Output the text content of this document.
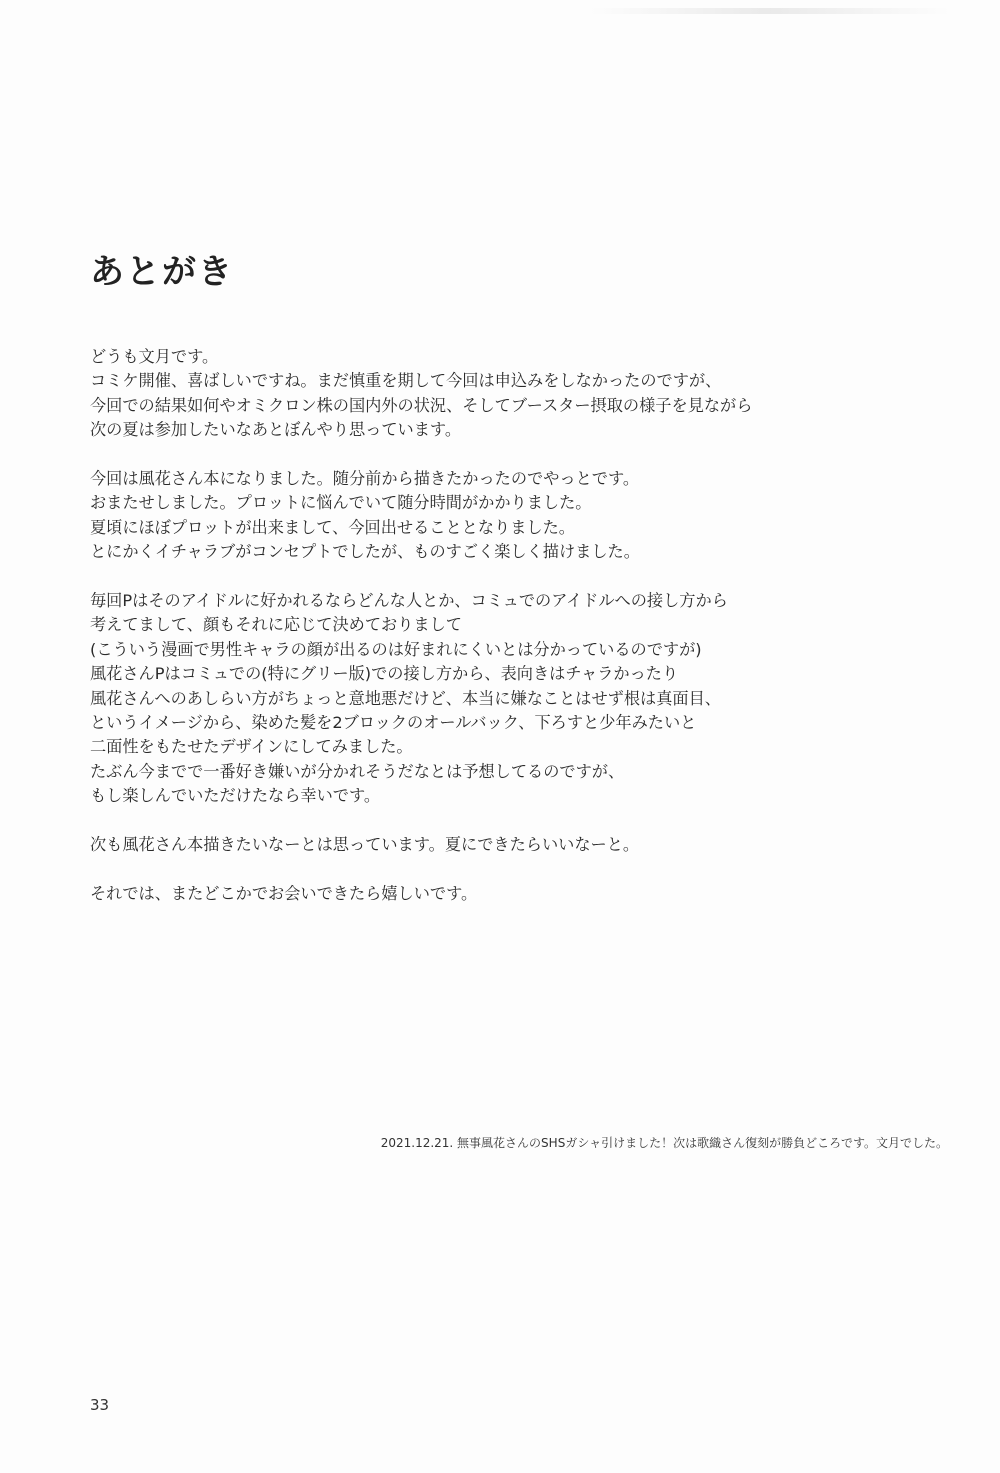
あとがき
どうも文月です。
コミケ開催、喜ばしいですね。まだ慎重を期して今回は申込みをしなかったのですが、
今回での結果如何やオミクロン株の国内外の状況、そしてブースター摂取の様子を見ながら
次の夏は参加したいなあとぼんやり思っています。
今回は風花さん本になりました。随分前から描きたかったのでやっとです。
おまたせしました。プロットに悩んでいて随分時間がかかりました。
夏頃にほぼプロットが出来まして、今回出せることとなりました。
とにかくイチャラブがコンセプトでしたが、ものすごく楽しく描けました。
毎回Pはそのアイドルに好かれるならどんな人とか、コミュでのアイドルへの接し方から
考えてまして、顔もそれに応じて決めておりまして
(こういう漫画で男性キャラの顔が出るのは好まれにくいとは分かっているのですが)
風花さんPはコミュでの(特にグリー版)での接し方から、表向きはチャラかったり
風花さんへのあしらい方がちょっと意地悪だけど、本当に嫌なことはせず根は真面目、
というイメージから、染めた髪を2ブロックのオールバック、下ろすと少年みたいと
二面性をもたせたデザインにしてみました。
たぶん今までで一番好き嫌いが分かれそうだなとは予想してるのですが、
もし楽しんでいただけたなら幸いです。
次も風花さん本描きたいなーとは思っています。夏にできたらいいなーと。
それでは、またどこかでお会いできたら嬉しいです。
2021.12.21. 無事風花さんのSHSガシャ引けました！次は歌織さん復刻が勝負どころです。文月でした。
33
